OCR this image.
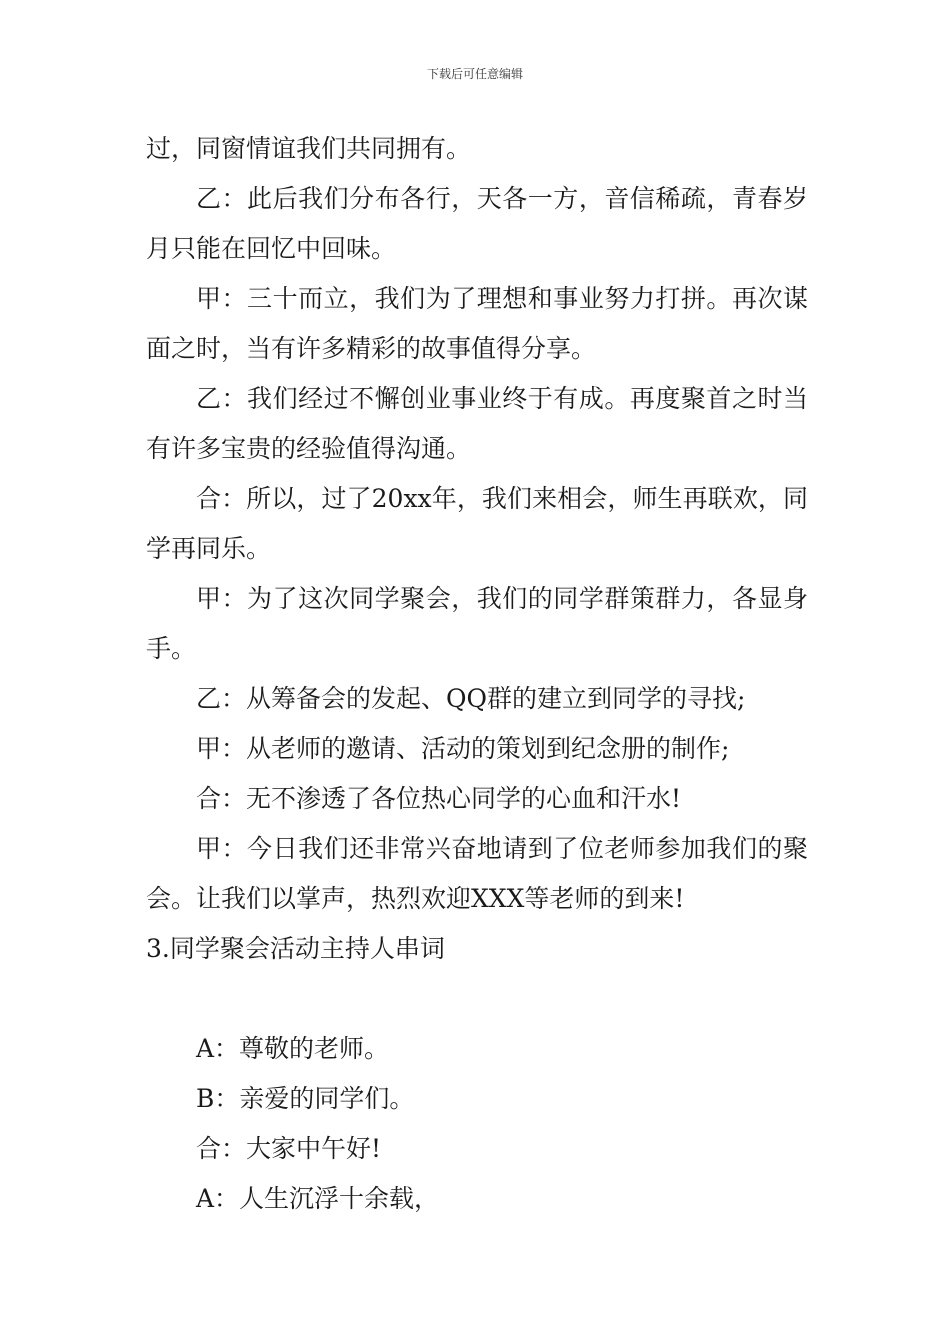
下载后可任意编辑

过，同窗情谊我们共同拥有。

乙：此后我们分布各行，天各一方，音信稀疏，青春岁月只能在回忆中回味。

甲：三十而立，我们为了理想和事业努力打拼。再次谋面之时，当有许多精彩的故事值得分享。

乙：我们经过不懈创业事业终于有成。再度聚首之时当有许多宝贵的经验值得沟通。

合：所以，过了20xx年，我们来相会，师生再联欢，同学再同乐。

甲：为了这次同学聚会，我们的同学群策群力，各显身手。

乙：从筹备会的发起、QQ群的建立到同学的寻找;

甲：从老师的邀请、活动的策划到纪念册的制作;

合：无不渗透了各位热心同学的心血和汗水!

甲：今日我们还非常兴奋地请到了位老师参加我们的聚会。让我们以掌声，热烈欢迎XXX等老师的到来!

3.同学聚会活动主持人串词

A：尊敬的老师。

B：亲爱的同学们。

合：大家中午好!

A：人生沉浮十余载，
